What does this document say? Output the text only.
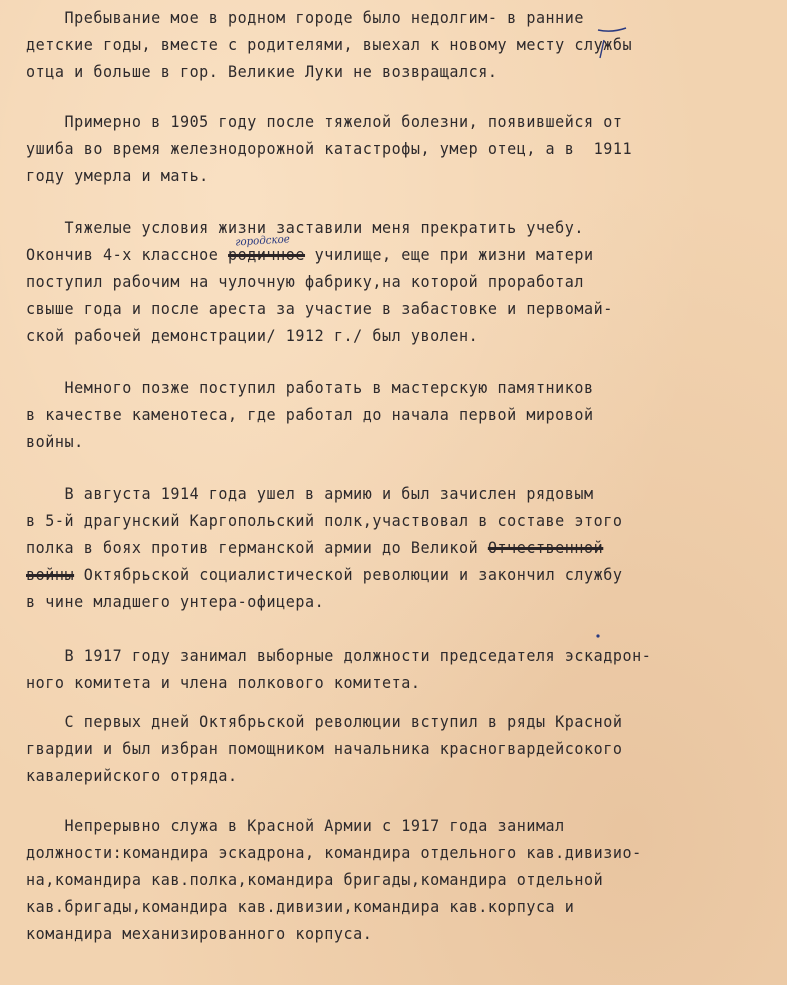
Пребывание мое в родном городе было недолгим- в ранние
детские годы, вместе с родителями, выехал к новому месту службы
отца и больше в гор. Великие Луки не возвращался.
Примерно в 1905 году после тяжелой болезни, появившейся от
ушиба во время железнодорожной катастрофы, умер отец, а в  1911
году умерла и мать.
Тяжелые условия жизни заставили меня прекратить учебу.
Окончив 4-х классное
городское
родичное училище, еще при жизни матери
поступил рабочим на чулочную фабрику,на которой проработал
свыше года и после ареста за участие в забастовке и первомай-
ской рабочей демонстрации/ 1912 г./ был уволен.
Немного позже поступил работать в мастерскую памятников
в качестве каменотеса, где работал до начала первой мировой
войны.
В августа 1914 года ушел в армию и был зачислен рядовым
в 5-й драгунский Каргопольский полк,участвовал в составе этого
полка в боях против германской армии до Великой Отчественной
войны Октябрьской социалистической революции и закончил службу
в чине младшего унтера-офицера.
В 1917 году занимал выборные должности председателя эскадрон-
ного комитета и члена полкового комитета.
С первых дней Октябрьской революции вступил в ряды Красной
гвардии и был избран помощником начальника красногвардейсокого
кавалерийского отряда.
Непрерывно служа в Красной Армии с 1917 года занимал
должности:командира эскадрона, командира отдельного кав.дивизио-
на,командира кав.полка,командира бригады,командира отдельной
кав.бригады,командира кав.дивизии,командира кав.корпуса и
командира механизированного корпуса.
